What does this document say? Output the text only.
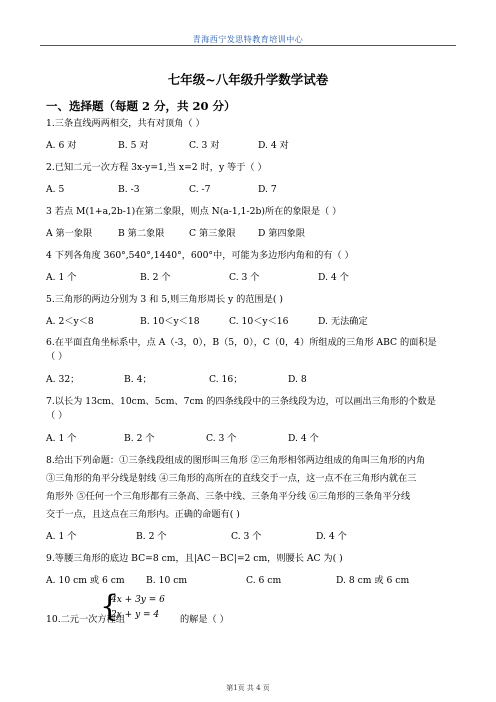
青海西宁发思特教育培训中心
七年级~八年级升学数学试卷
一、选择题（每题 2 分，共 20 分）
1.三条直线两两相交，共有对顶角（ ）
A. 6 对	B. 5 对	C. 3 对	D. 4 对
2.已知二元一次方程 3x-y=1,当 x=2 时，y 等于（ ）
A. 5	B. -3	C. -7	D. 7
3 若点 M(1+a,2b-1)在第二象限，则点 N(a-1,1-2b)所在的象限是（ ）
A 第一象限	B 第二象限	C 第三象限 D 第四象限
4 下列各角度 360°,540°,1440°，600°中，可能为多边形内角和的有（ ）
A. 1 个	B. 2 个	C. 3 个	D. 4 个
5.三角形的两边分别为 3 和 5,则三角形周长 y 的范围是( )
A. 2＜y＜8	B. 10＜y＜18	C. 10＜y＜16	D. 无法确定
6.在平面直角坐标系中，点 A（-3，0），B（5，0），C（0，4）所组成的三角形 ABC 的面积是
（ ）
A. 32；	B. 4；	C. 16；	D. 8
7.以长为 13cm、10cm、5cm、7cm 的四条线段中的三条线段为边，可以画出三角形的个数是
（ ）
A. 1 个	B. 2 个	C. 3 个	D. 4 个
8.给出下列命题：①三条线段组成的图形叫三角形 ②三角形相邻两边组成的角叫三角形的内角
③三角形的角平分线是射线 ④三角形的高所在的直线交于一点，这一点不在三角形内就在三
角形外 ⑤任何一个三角形都有三条高、三条中线、三条角平分线 ⑥三角形的三条角平分线
交于一点，且这点在三角形内。正确的命题有( )
A. 1 个	B. 2 个	C. 3 个	D. 4 个
9.等腰三角形的底边 BC=8 cm，且|AC－BC|=2 cm，则腰长 AC 为( )
A. 10 cm 或 6 cm B. 10 cm	C. 6 cm	D. 8 cm 或 6 cm
10.二元一次方程组
{
4x + 3y = 6
2x + y = 4 的解是（ ）
第1页 共 4 页
